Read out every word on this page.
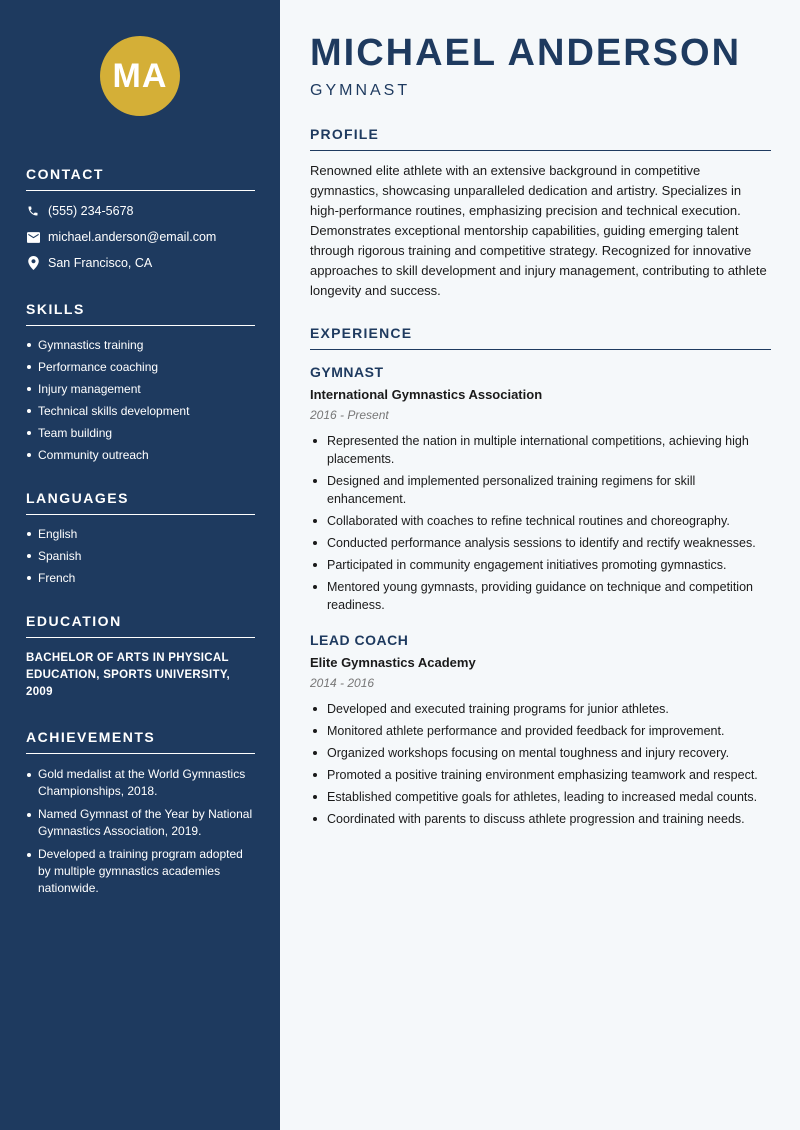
MA
CONTACT
(555) 234-5678
michael.anderson@email.com
San Francisco, CA
SKILLS
Gymnastics training
Performance coaching
Injury management
Technical skills development
Team building
Community outreach
LANGUAGES
English
Spanish
French
EDUCATION
BACHELOR OF ARTS IN PHYSICAL EDUCATION, SPORTS UNIVERSITY, 2009
ACHIEVEMENTS
Gold medalist at the World Gymnastics Championships, 2018.
Named Gymnast of the Year by National Gymnastics Association, 2019.
Developed a training program adopted by multiple gymnastics academies nationwide.
MICHAEL ANDERSON
GYMNAST
PROFILE

Renowned elite athlete with an extensive background in competitive gymnastics, showcasing unparalleled dedication and artistry. Specializes in high-performance routines, emphasizing precision and technical execution. Demonstrates exceptional mentorship capabilities, guiding emerging talent through rigorous training and competitive strategy. Recognized for innovative approaches to skill development and injury management, contributing to athlete longevity and success.

EXPERIENCE
GYMNAST
International Gymnastics Association
2016 - Present
Represented the nation in multiple international competitions, achieving high placements.
Designed and implemented personalized training regimens for skill enhancement.
Collaborated with coaches to refine technical routines and choreography.
Conducted performance analysis sessions to identify and rectify weaknesses.
Participated in community engagement initiatives promoting gymnastics.
Mentored young gymnasts, providing guidance on technique and competition readiness.
LEAD COACH
Elite Gymnastics Academy
2014 - 2016
Developed and executed training programs for junior athletes.
Monitored athlete performance and provided feedback for improvement.
Organized workshops focusing on mental toughness and injury recovery.
Promoted a positive training environment emphasizing teamwork and respect.
Established competitive goals for athletes, leading to increased medal counts.
Coordinated with parents to discuss athlete progression and training needs.
